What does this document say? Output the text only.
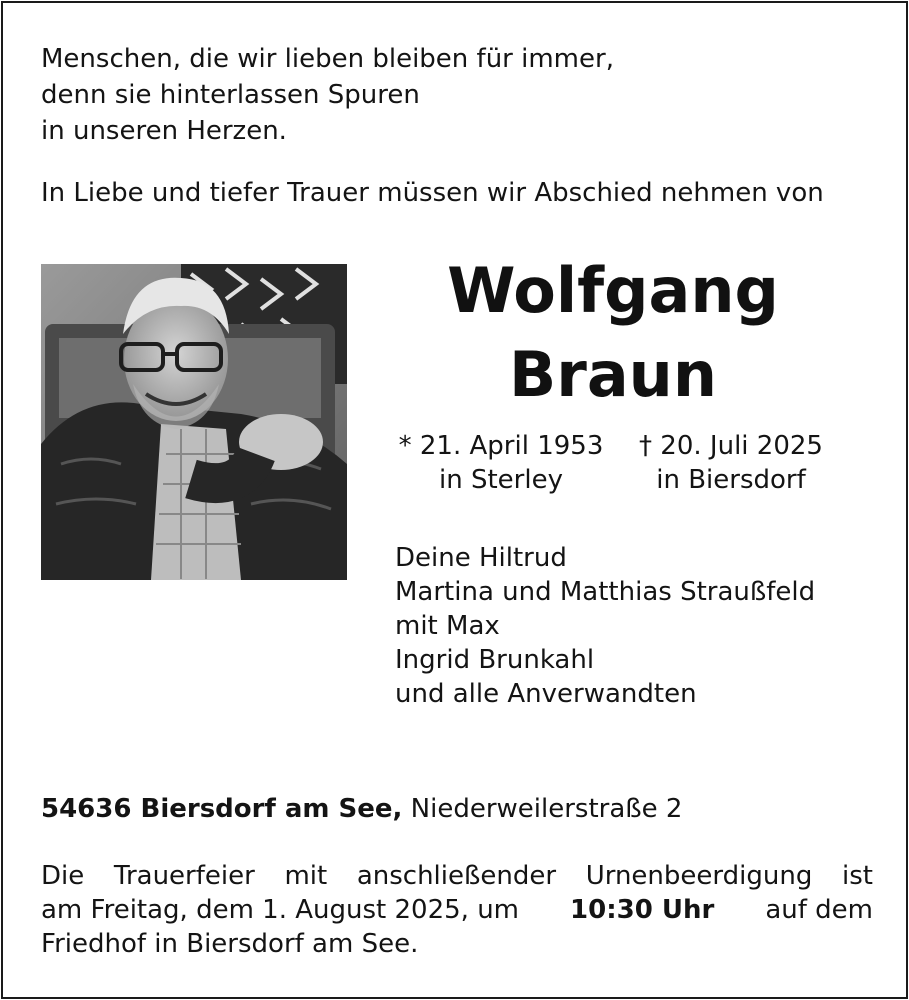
Menschen, die wir lieben bleiben für immer,
denn sie hinterlassen Spuren
in unseren Herzen.
In Liebe und tiefer Trauer müssen wir Abschied nehmen von
Wolfgang
Braun
* 21. April 1953
in Sterley
† 20. Juli 2025
in Biersdorf
Deine Hiltrud
Martina und Matthias Straußfeld
mit Max
Ingrid Brunkahl
und alle Anverwandten
54636 Biersdorf am See, Niederweilerstraße 2
Die Trauerfeier mit anschließender Urnenbeerdigung ist
am Freitag, dem 1. August 2025, um 10:30 Uhr auf dem
Friedhof in Biersdorf am See.
